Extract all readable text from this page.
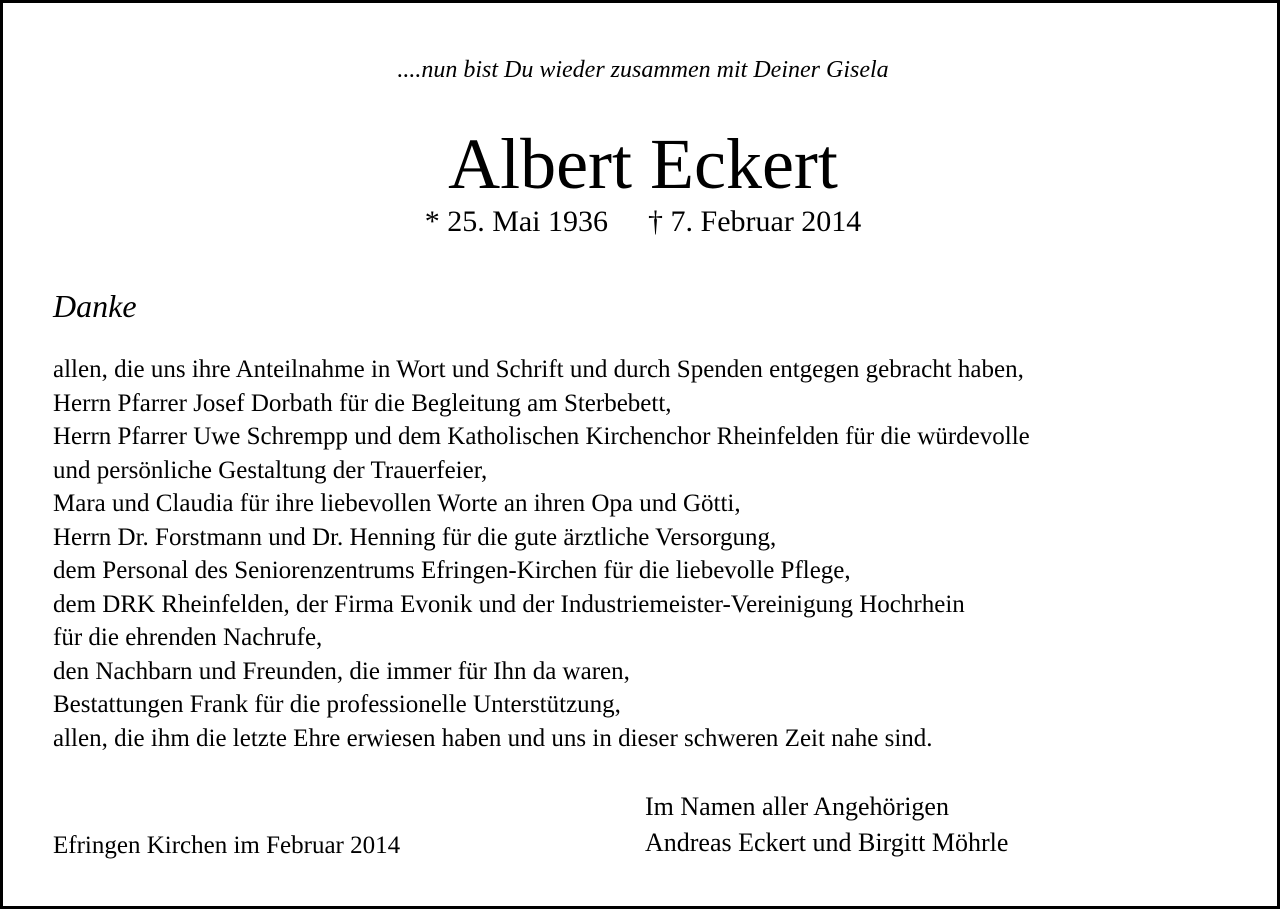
....nun bist Du wieder zusammen mit Deiner Gisela
Albert Eckert
* 25. Mai 1936 † 7. Februar 2014
Danke
allen, die uns ihre Anteilnahme in Wort und Schrift und durch Spenden entgegen gebracht haben,
Herrn Pfarrer Josef Dorbath für die Begleitung am Sterbebett,
Herrn Pfarrer Uwe Schrempp und dem Katholischen Kirchenchor Rheinfelden für die würdevolle
und persönliche Gestaltung der Trauerfeier,
Mara und Claudia für ihre liebevollen Worte an ihren Opa und Götti,
Herrn Dr. Forstmann und Dr. Henning für die gute ärztliche Versorgung,
dem Personal des Seniorenzentrums Efringen-Kirchen für die liebevolle Pflege,
dem DRK Rheinfelden, der Firma Evonik und der Industriemeister-Vereinigung Hochrhein
für die ehrenden Nachrufe,
den Nachbarn und Freunden, die immer für Ihn da waren,
Bestattungen Frank für die professionelle Unterstützung,
allen, die ihm die letzte Ehre erwiesen haben und uns in dieser schweren Zeit nahe sind.
Efringen Kirchen im Februar 2014
Im Namen aller Angehörigen
Andreas Eckert und Birgitt Möhrle
